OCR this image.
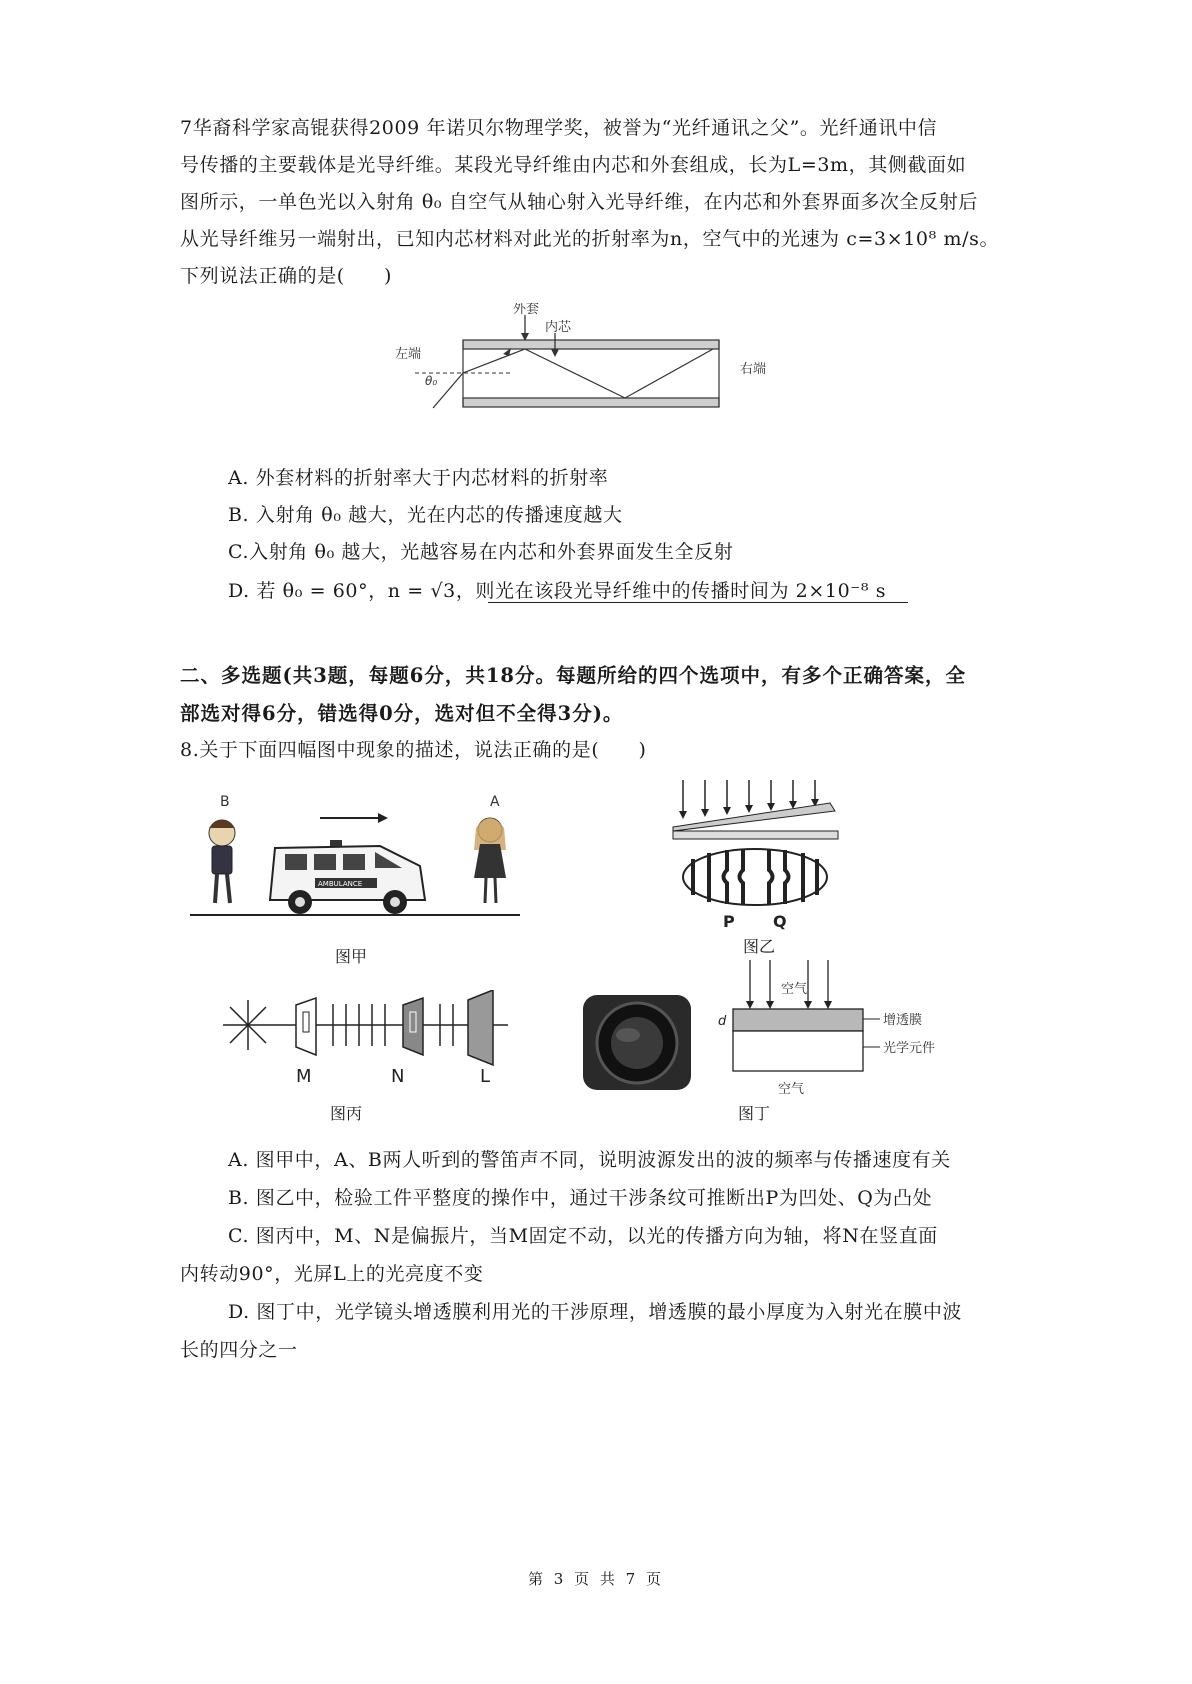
7华裔科学家高锟获得2009 年诺贝尔物理学奖，被誉为“光纤通讯之父”。光纤通讯中信
号传播的主要载体是光导纤维。某段光导纤维由内芯和外套组成，长为L=3m，其侧截面如
图所示，一单色光以入射角 θ₀ 自空气从轴心射入光导纤维，在内芯和外套界面多次全反射后
从光导纤维另一端射出，已知内芯材料对此光的折射率为n，空气中的光速为 c=3×10⁸ m/s。
下列说法正确的是(　　)
外套
内芯
左端
右端
θ₀
A. 外套材料的折射率大于内芯材料的折射率
B. 入射角 θ₀ 越大，光在内芯的传播速度越大
C.入射角 θ₀ 越大，光越容易在内芯和外套界面发生全反射
D. 若 θ₀ = 60°，n = √3，则光在该段光导纤维中的传播时间为 2×10⁻⁸ s
二、多选题(共3题，每题6分，共18分。每题所给的四个选项中，有多个正确答案，全
部选对得6分，错选得0分，选对但不全得3分)。
8.关于下面四幅图中现象的描述，说法正确的是(　　)
B	A
AMBULANCE
图甲
P Q
图乙
M	N	L
图丙
空气
d	增透膜
光学元件
空气
图丁
A. 图甲中，A、B两人听到的警笛声不同，说明波源发出的波的频率与传播速度有关
B. 图乙中，检验工件平整度的操作中，通过干涉条纹可推断出P为凹处、Q为凸处
C. 图丙中，M、N是偏振片，当M固定不动，以光的传播方向为轴，将N在竖直面
内转动90°，光屏L上的光亮度不变
D. 图丁中，光学镜头增透膜利用光的干涉原理，增透膜的最小厚度为入射光在膜中波
长的四分之一
第 3 页 共 7 页
